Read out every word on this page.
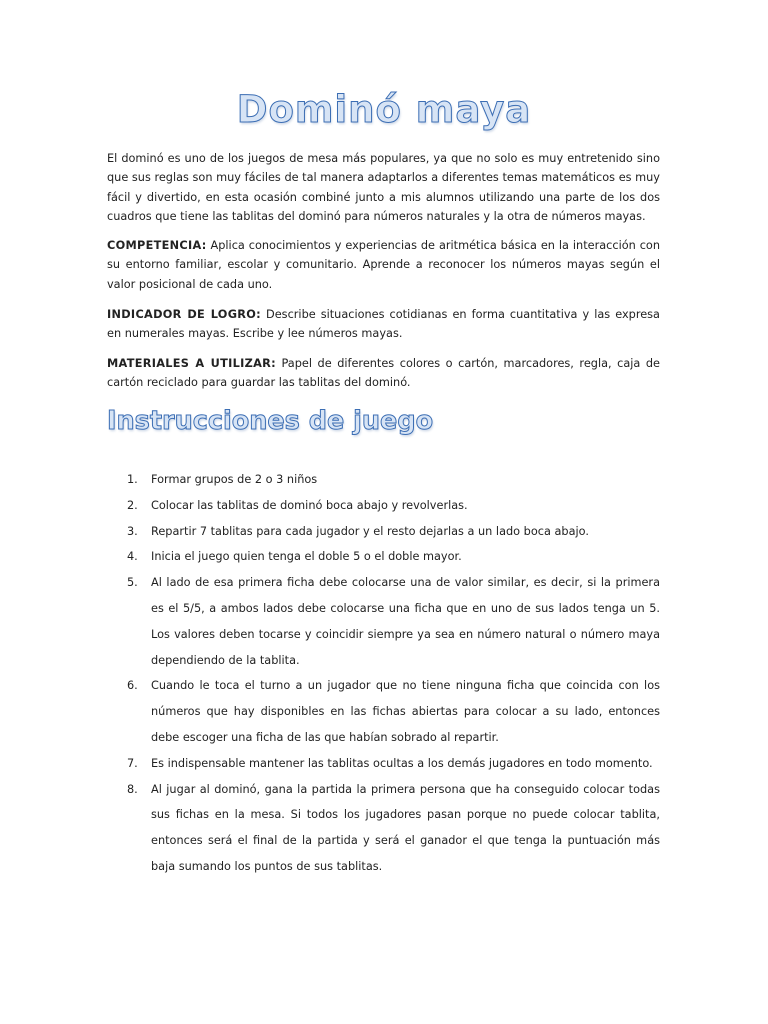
Dominó maya

El dominó es uno de los juegos de mesa más populares, ya que no solo es muy entretenido sino que sus reglas son muy fáciles de tal manera adaptarlos a diferentes temas matemáticos es muy fácil y divertido, en esta ocasión combiné junto a mis alumnos utilizando una parte de los dos cuadros que tiene las tablitas del dominó para números naturales y la otra de números mayas.

COMPETENCIA: Aplica conocimientos y experiencias de aritmética básica en la interacción con su entorno familiar, escolar y comunitario. Aprende a reconocer los números mayas según el valor posicional de cada uno.

INDICADOR DE LOGRO: Describe situaciones cotidianas en forma cuantitativa y las expresa en numerales mayas. Escribe y lee números mayas.

MATERIALES A UTILIZAR: Papel de diferentes colores o cartón, marcadores, regla, caja de cartón reciclado para guardar las tablitas del dominó.

Instrucciones de juego
1. Formar grupos de 2 o 3 niños
2. Colocar las tablitas de dominó boca abajo y revolverlas.
3. Repartir 7 tablitas para cada jugador y el resto dejarlas a un lado boca abajo.
4. Inicia el juego quien tenga el doble 5 o el doble mayor.
5. Al lado de esa primera ficha debe colocarse una de valor similar, es decir, si la primera es el 5/5, a ambos lados debe colocarse una ficha que en uno de sus lados tenga un 5. Los valores deben tocarse y coincidir siempre ya sea en número natural o número maya dependiendo de la tablita.
6. Cuando le toca el turno a un jugador que no tiene ninguna ficha que coincida con los números que hay disponibles en las fichas abiertas para colocar a su lado, entonces debe escoger una ficha de las que habían sobrado al repartir.
7. Es indispensable mantener las tablitas ocultas a los demás jugadores en todo momento.
8. Al jugar al dominó, gana la partida la primera persona que ha conseguido colocar todas sus fichas en la mesa. Si todos los jugadores pasan porque no puede colocar tablita, entonces será el final de la partida y será el ganador el que tenga la puntuación más baja sumando los puntos de sus tablitas.
